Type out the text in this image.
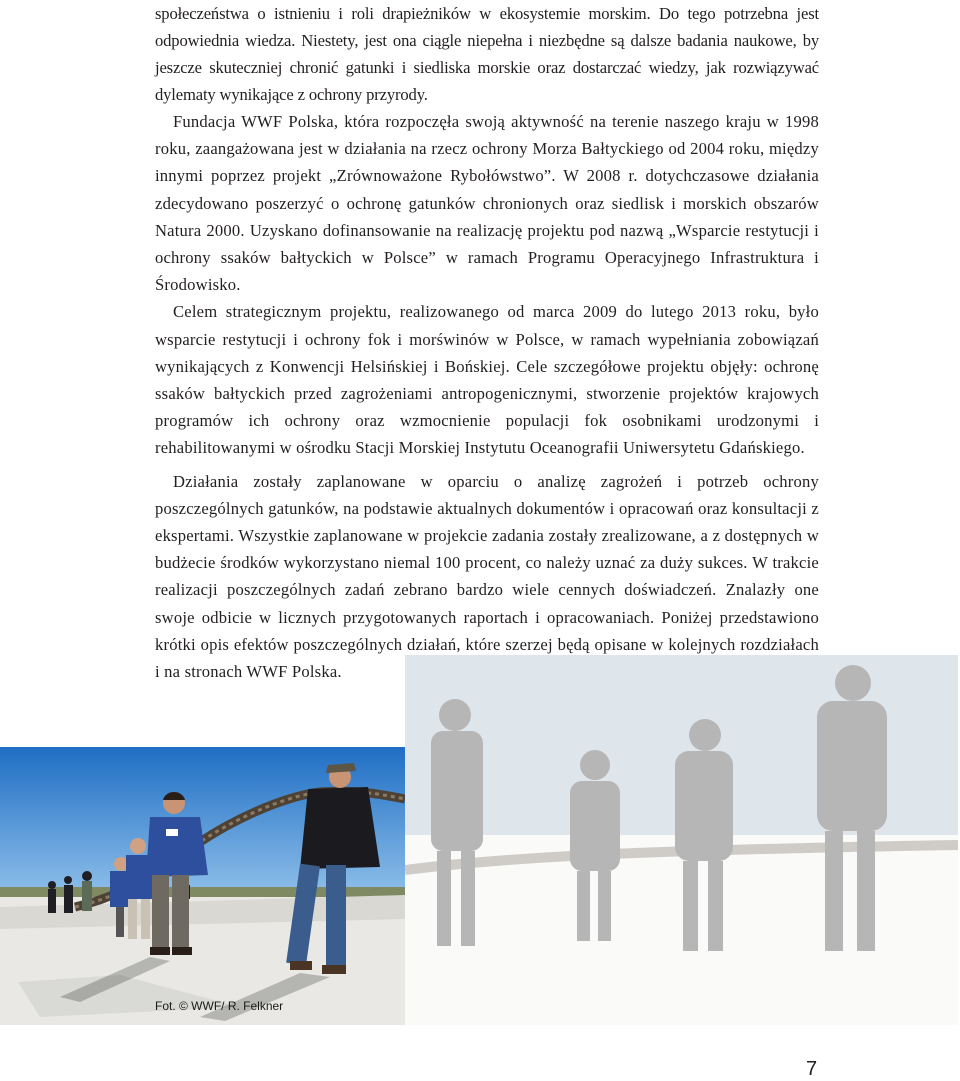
społeczeństwa o istnieniu i roli drapieżników w ekosystemie morskim. Do tego potrzebna jest odpowiednia wiedza. Niestety, jest ona ciągle niepełna i niezbędne są dalsze badania naukowe, by jeszcze skuteczniej chronić gatunki i siedliska morskie oraz dostarczać wiedzy, jak rozwiązywać dylematy wynikające z ochrony przyrody.

Fundacja WWF Polska, która rozpoczęła swoją aktywność na terenie naszego kraju w 1998 roku, zaangażowana jest w działania na rzecz ochrony Morza Bałtyckiego od 2004 roku, między innymi poprzez projekt „Zrównoważone Rybołówstwo”. W 2008 r. dotychczasowe działania zdecydowano poszerzyć o ochronę gatunków chronionych oraz siedlisk i morskich obszarów Natura 2000. Uzyskano dofinansowanie na realizację projektu pod nazwą „Wsparcie restytucji i ochrony ssaków bałtyckich w Polsce” w ramach Programu Operacyjnego Infrastruktura i Środowisko.

Celem strategicznym projektu, realizowanego od marca 2009 do lutego 2013 roku, było wsparcie restytucji i ochrony fok i morświnów w Polsce, w ramach wypełniania zobowiązań wynikających z Konwencji Helsińskiej i Bońskiej. Cele szczegółowe projektu objęły: ochronę ssaków bałtyckich przed zagrożeniami antropogenicznymi, stworzenie projektów krajowych programów ich ochrony oraz wzmocnienie populacji fok osobnikami urodzonymi i rehabilitowanymi w ośrodku Stacji Morskiej Instytutu Oceanografii Uniwersytetu Gdańskiego.

Działania zostały zaplanowane w oparciu o analizę zagrożeń i potrzeb ochrony poszczególnych gatunków, na podstawie aktualnych dokumentów i opracowań oraz konsultacji z ekspertami. Wszystkie zaplanowane w projekcie zadania zostały zrealizowane, a z dostępnych w budżecie środków wykorzystano niemal 100 procent, co należy uznać za duży sukces. W trakcie realizacji poszczególnych zadań zebrano bardzo wiele cennych doświadczeń. Znalazły one swoje odbicie w licznych przygotowanych raportach i opracowaniach. Poniżej przedstawiono krótki opis efektów poszczególnych działań, które szerzej będą opisane w kolejnych rozdziałach i na stronach WWF Polska.

Fot. © WWF/ R. Felkner
7
